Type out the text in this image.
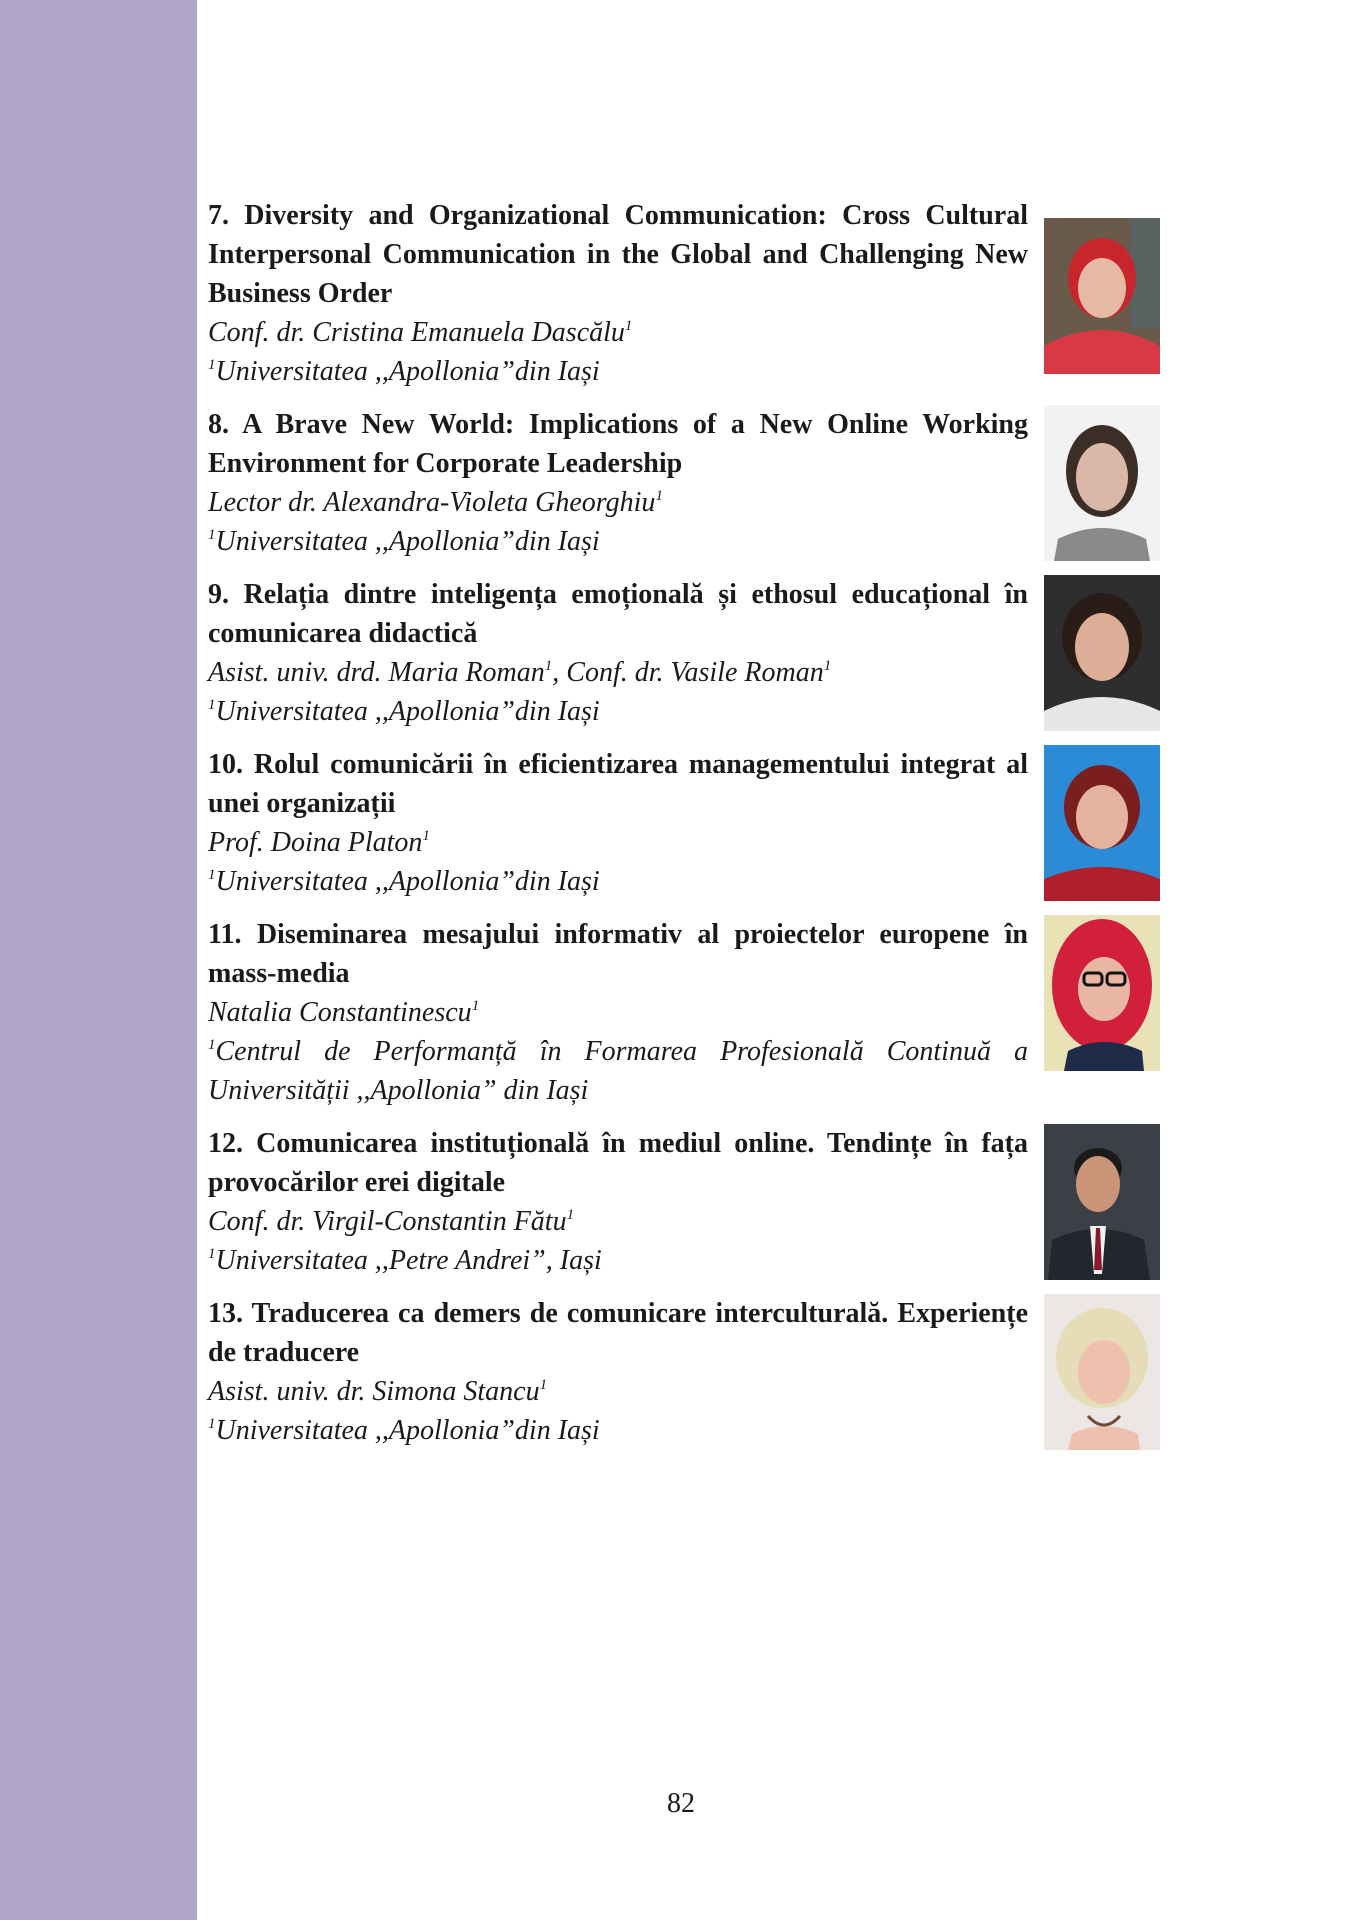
7. Diversity and Organizational Communication: Cross Cultural Interpersonal Communication in the Global and Challenging New Business Order

Conf. dr. Cristina Emanuela Dascălu$^1$

$^1$Universitatea ,,Apollonia”din Iași

8. A Brave New World: Implications of a New Online Working Environment for Corporate Leadership

Lector dr. Alexandra-Violeta Gheorghiu$^1$

$^1$Universitatea ,,Apollonia”din Iași

9. Relația dintre inteligența emoțională și ethosul educațional în comunicarea didactică

Asist. univ. drd. Maria Roman$^1$, Conf. dr. Vasile Roman$^1$

$^1$Universitatea ,,Apollonia”din Iași

10. Rolul comunicării în eficientizarea managementului integrat al unei organizații

Prof. Doina Platon$^1$

$^1$Universitatea ,,Apollonia”din Iași

11. Diseminarea mesajului informativ al proiectelor europene în mass-media

Natalia Constantinescu$^1$

$^1$Centrul de Performanță în Formarea Profesională Continuă a Universității ,,Apollonia” din Iași

12. Comunicarea instituțională în mediul online. Tendințe în fața provocărilor erei digitale

Conf. dr. Virgil-Constantin Fătu$^1$

$^1$Universitatea ,,Petre Andrei”, Iași

13. Traducerea ca demers de comunicare interculturală. Experiențe de traducere

Asist. univ. dr. Simona Stancu$^1$

$^1$Universitatea ,,Apollonia”din Iași

82
